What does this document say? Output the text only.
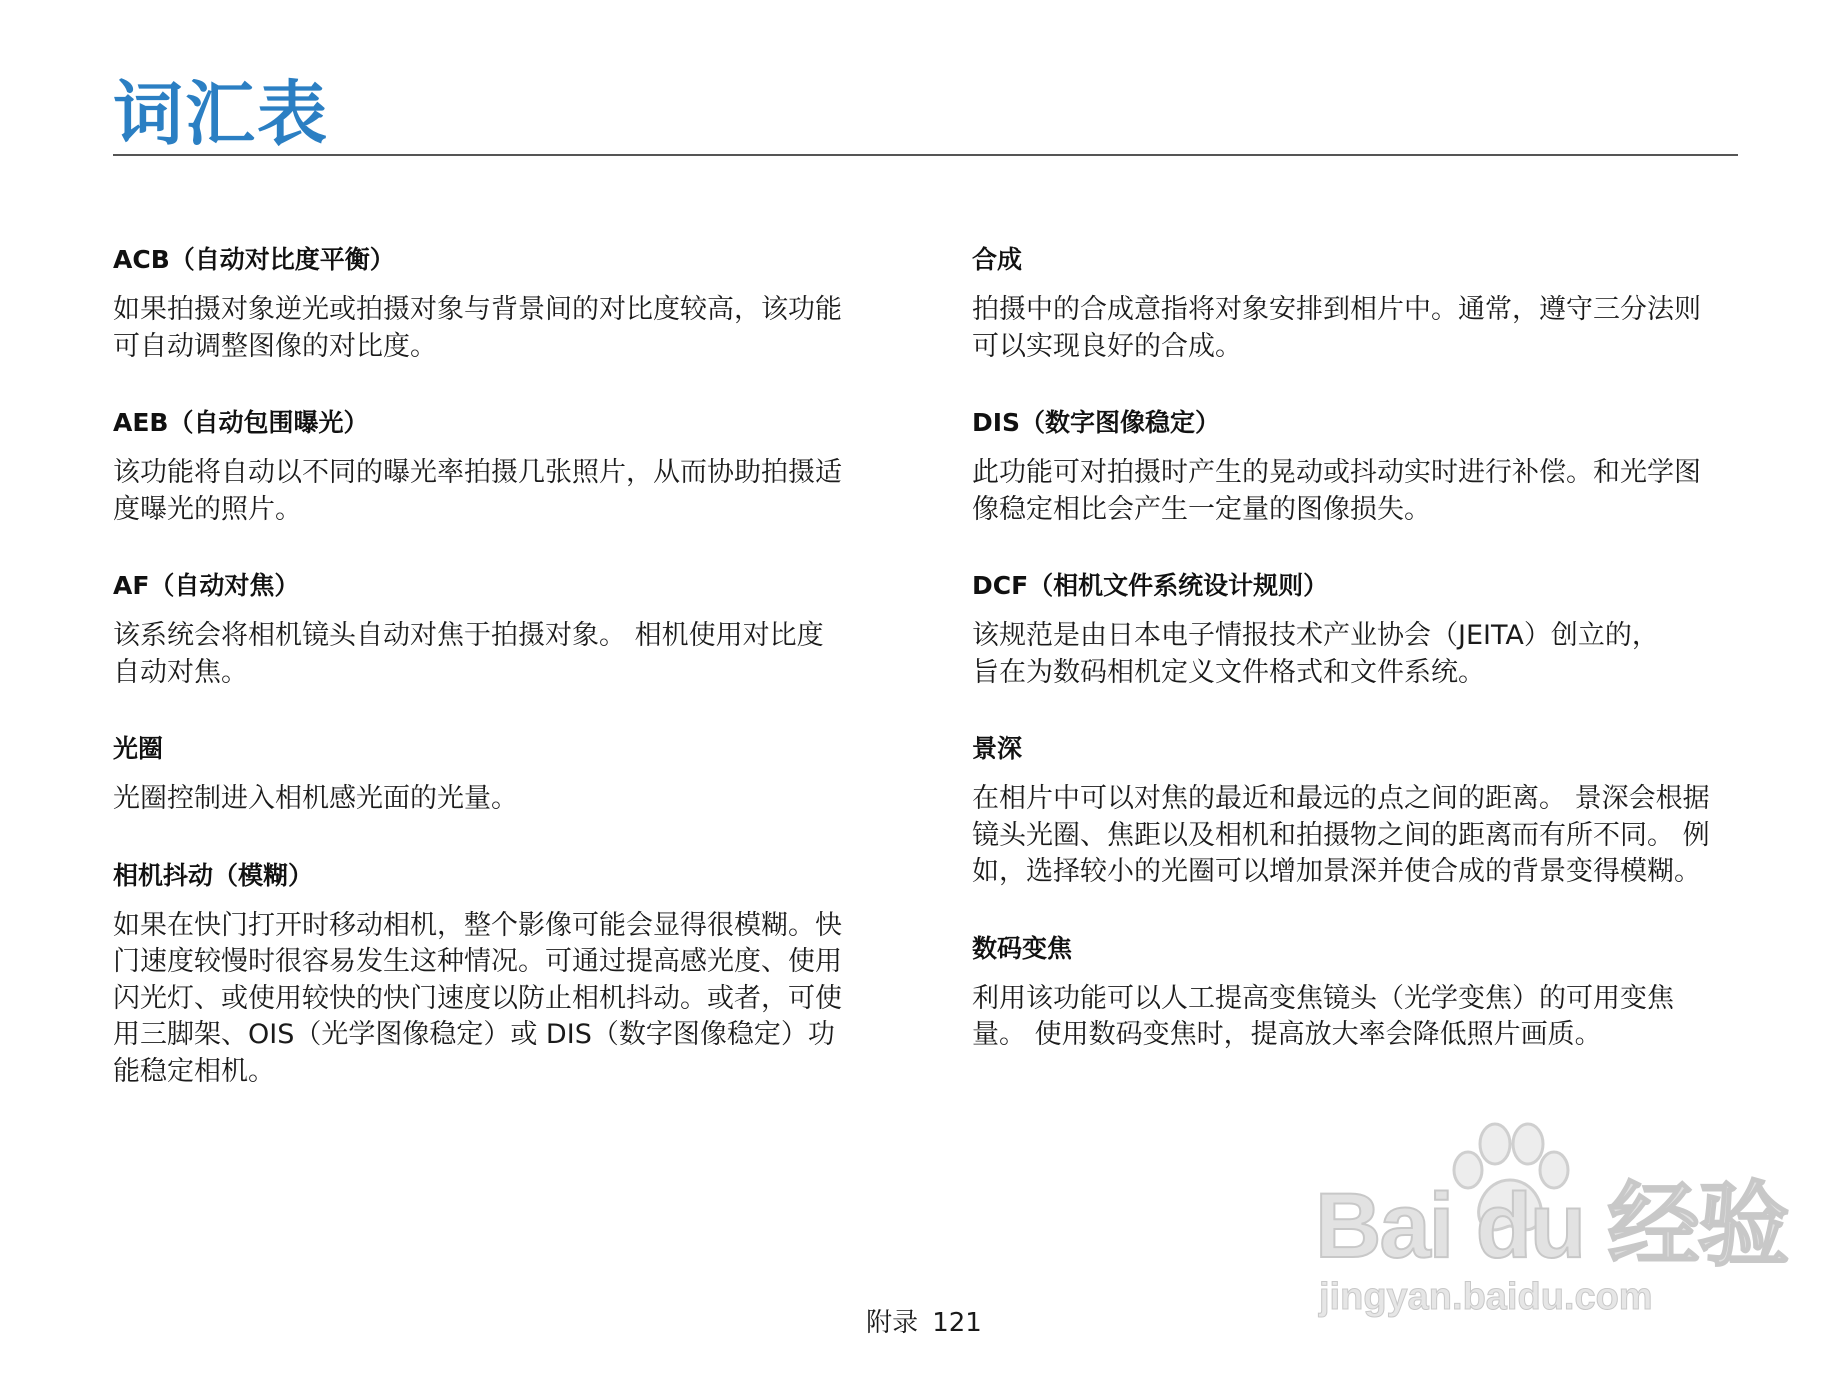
词汇表
ACB（自动对比度平衡）

如果拍摄对象逆光或拍摄对象与背景间的对比度较高，该功能
可自动调整图像的对比度。

AEB（自动包围曝光）

该功能将自动以不同的曝光率拍摄几张照片，从而协助拍摄适
度曝光的照片。

AF（自动对焦）

该系统会将相机镜头自动对焦于拍摄对象。 相机使用对比度
自动对焦。

光圈

光圈控制进入相机感光面的光量。

相机抖动（模糊）

如果在快门打开时移动相机，整个影像可能会显得很模糊。快
门速度较慢时很容易发生这种情况。可通过提高感光度、使用
闪光灯、或使用较快的快门速度以防止相机抖动。或者，可使
用三脚架、OIS（光学图像稳定）或 DIS（数字图像稳定）功
能稳定相机。

合成

拍摄中的合成意指将对象安排到相片中。通常，遵守三分法则
可以实现良好的合成。

DIS（数字图像稳定）

此功能可对拍摄时产生的晃动或抖动实时进行补偿。和光学图
像稳定相比会产生一定量的图像损失。

DCF（相机文件系统设计规则）

该规范是由日本电子情报技术产业协会（JEITA）创立的，
旨在为数码相机定义文件格式和文件系统。

景深

在相片中可以对焦的最近和最远的点之间的距离。 景深会根据
镜头光圈、焦距以及相机和拍摄物之间的距离而有所不同。 例
如，选择较小的光圈可以增加景深并使合成的背景变得模糊。

数码变焦

利用该功能可以人工提高变焦镜头（光学变焦）的可用变焦
量。 使用数码变焦时，提高放大率会降低照片画质。

Bai du 经验
jingyan.baidu.com
附录 121
